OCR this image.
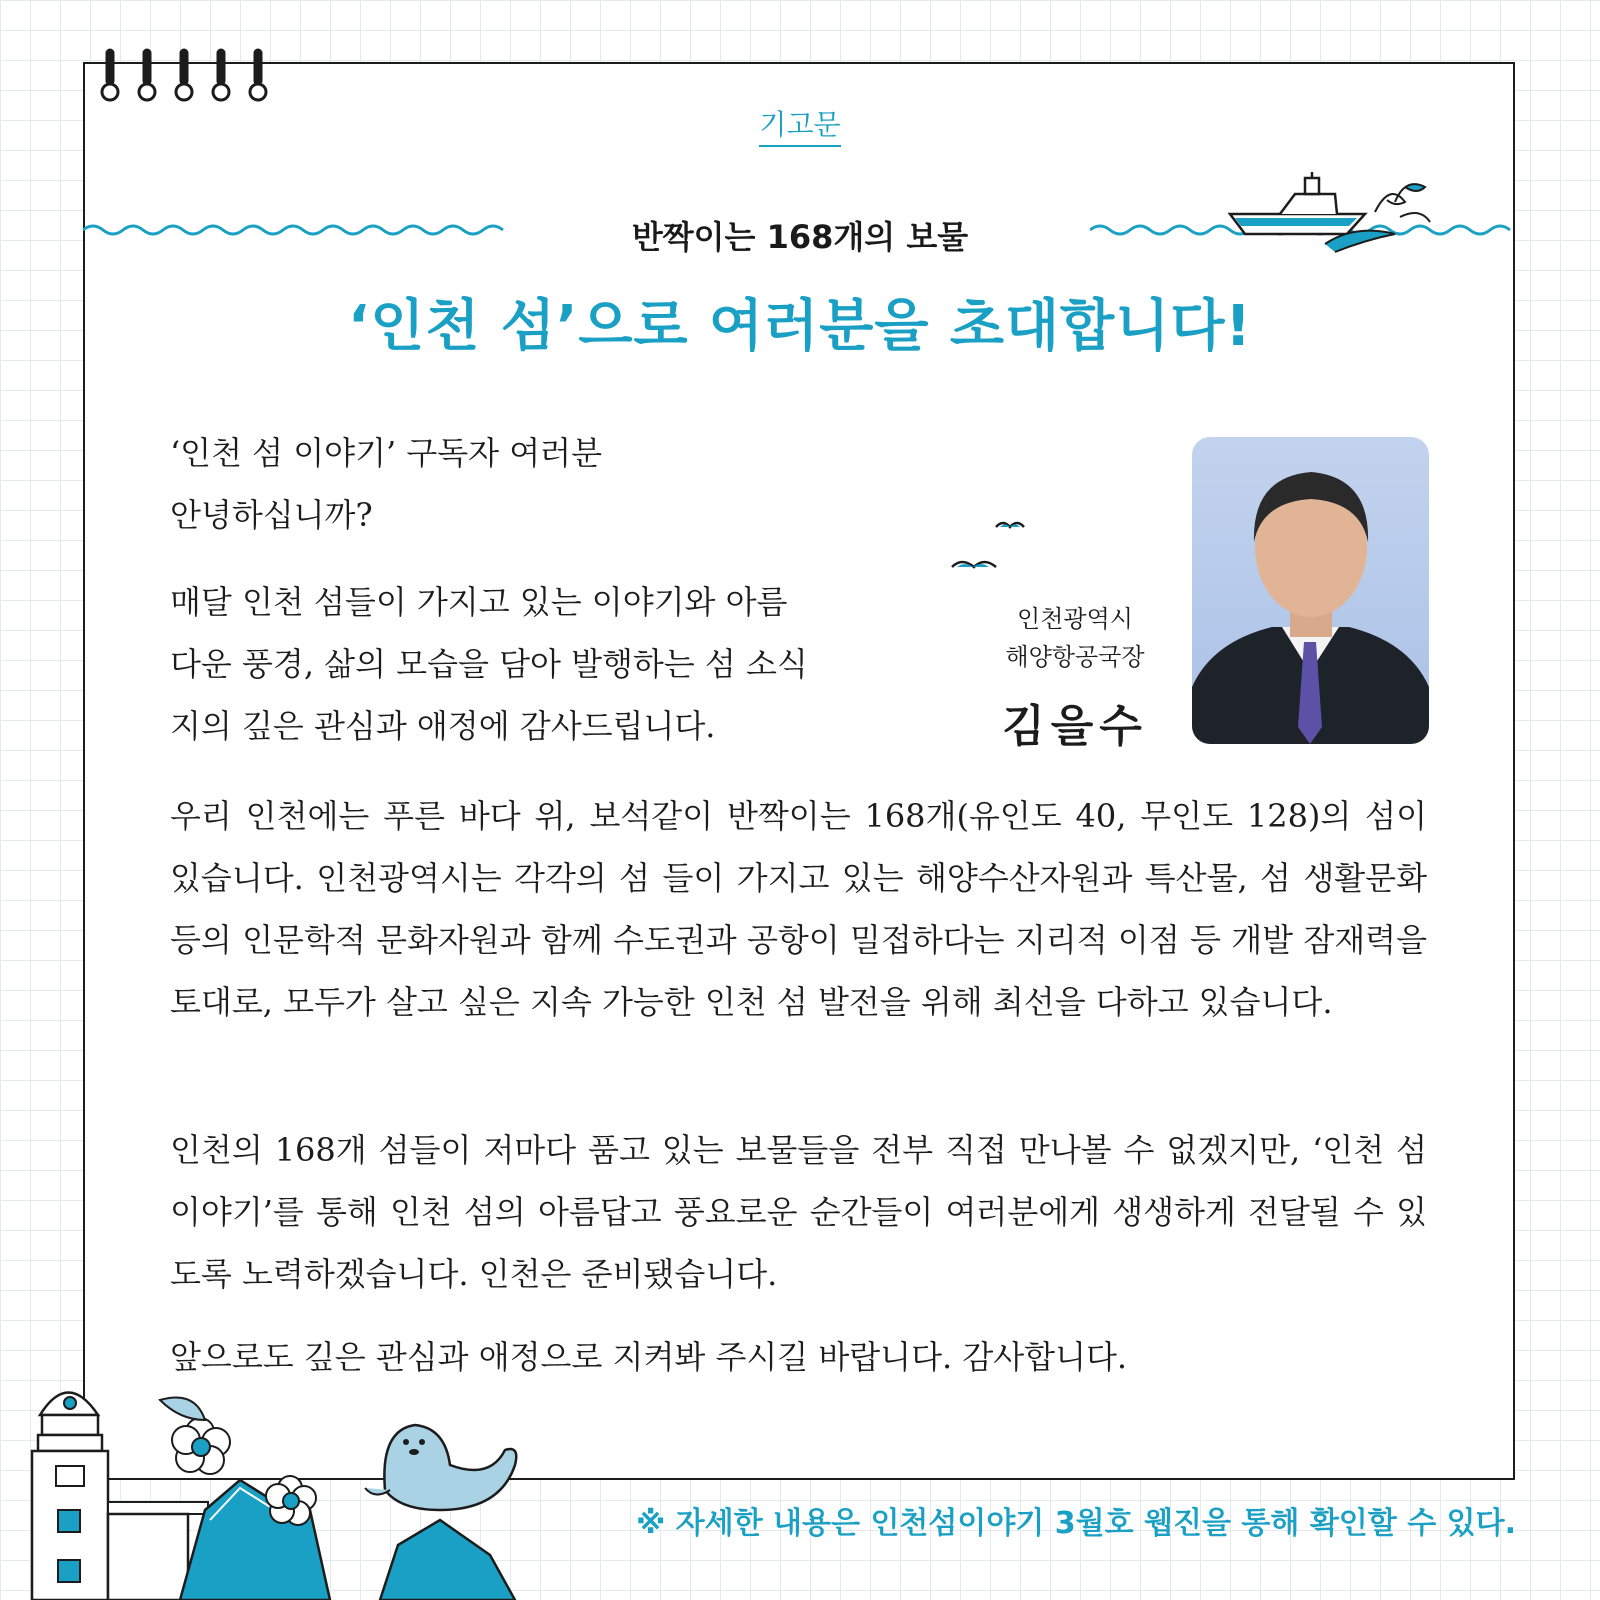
기고문
반짝이는 168개의 보물
‘인천 섬’으로 여러분을 초대합니다!

‘인천 섬 이야기’ 구독자 여러분
안녕하십니까?

매달 인천 섬들이 가지고 있는 이야기와 아름
다운 풍경, 삶의 모습을 담아 발행하는 섬 소식
지의 깊은 관심과 애정에 감사드립니다.

인천광역시
해양항공국장
김을수

우리 인천에는 푸른 바다 위, 보석같이 반짝이는 168개(유인도 40, 무인도 128)의 섬이 있습니다. 인천광역시는 각각의 섬 들이 가지고 있는 해양수산자원과 특산물, 섬 생활문화 등의 인문학적 문화자원과 함께 수도권과 공항이 밀접하다는 지리적 이점 등 개발 잠재력을 토대로, 모두가 살고 싶은 지속 가능한 인천 섬 발전을 위해 최선을 다하고 있습니다.

인천의 168개 섬들이 저마다 품고 있는 보물들을 전부 직접 만나볼 수 없겠지만, ‘인천 섬 이야기’를 통해 인천 섬의 아름답고 풍요로운 순간들이 여러분에게 생생하게 전달될 수 있도록 노력하겠습니다. 인천은 준비됐습니다.

앞으로도 깊은 관심과 애정으로 지켜봐 주시길 바랍니다. 감사합니다.

※ 자세한 내용은 인천섬이야기 3월호 웹진을 통해 확인할 수 있다.
